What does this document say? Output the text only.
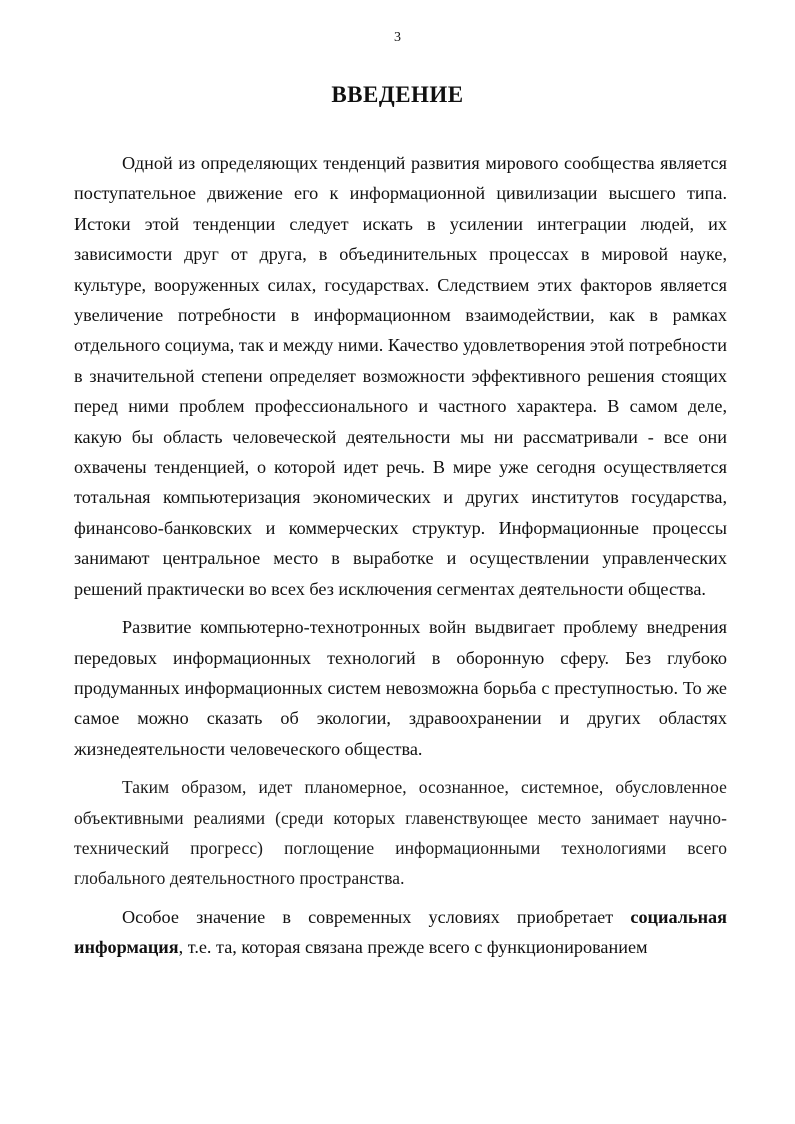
3
ВВЕДЕНИЕ

Одной из определяющих тенденций развития мирового сообщества является поступательное движение его к информационной цивилизации высшего типа. Истоки этой тенденции следует искать в усилении интеграции людей, их зависимости друг от друга, в объединительных процессах в мировой науке, культуре, вооруженных силах, государствах. Следствием этих факторов является увеличение потребности в информационном взаимодействии, как в рамках отдельного социума, так и между ними. Качество удовлетворения этой потребности в значительной степени определяет возможности эффективного решения стоящих перед ними проблем профессионального и частного характера. В самом деле, какую бы область человеческой деятельности мы ни рассматривали - все они охвачены тенденцией, о которой идет речь. В мире уже сегодня осуществляется тотальная компьютеризация экономических и других институтов государства, финансово-банковских и коммерческих структур. Информационные процессы занимают центральное место в выработке и осуществлении управленческих решений практически во всех без исключения сегментах деятельности общества.

Развитие компьютерно-технотронных войн выдвигает проблему внедрения передовых информационных технологий в оборонную сферу. Без глубоко продуманных информационных систем невозможна борьба с преступностью. То же самое можно сказать об экологии, здравоохранении и других областях жизнедеятельности человеческого общества.

Таким образом, идет планомерное, осознанное, системное, обусловленное объективными реалиями (среди которых главенствующее место занимает научно-технический прогресс) поглощение информационными технологиями всего глобального деятельностного пространства.

Особое значение в современных условиях приобретает социальная информация, т.е. та, которая связана прежде всего с функционированием
